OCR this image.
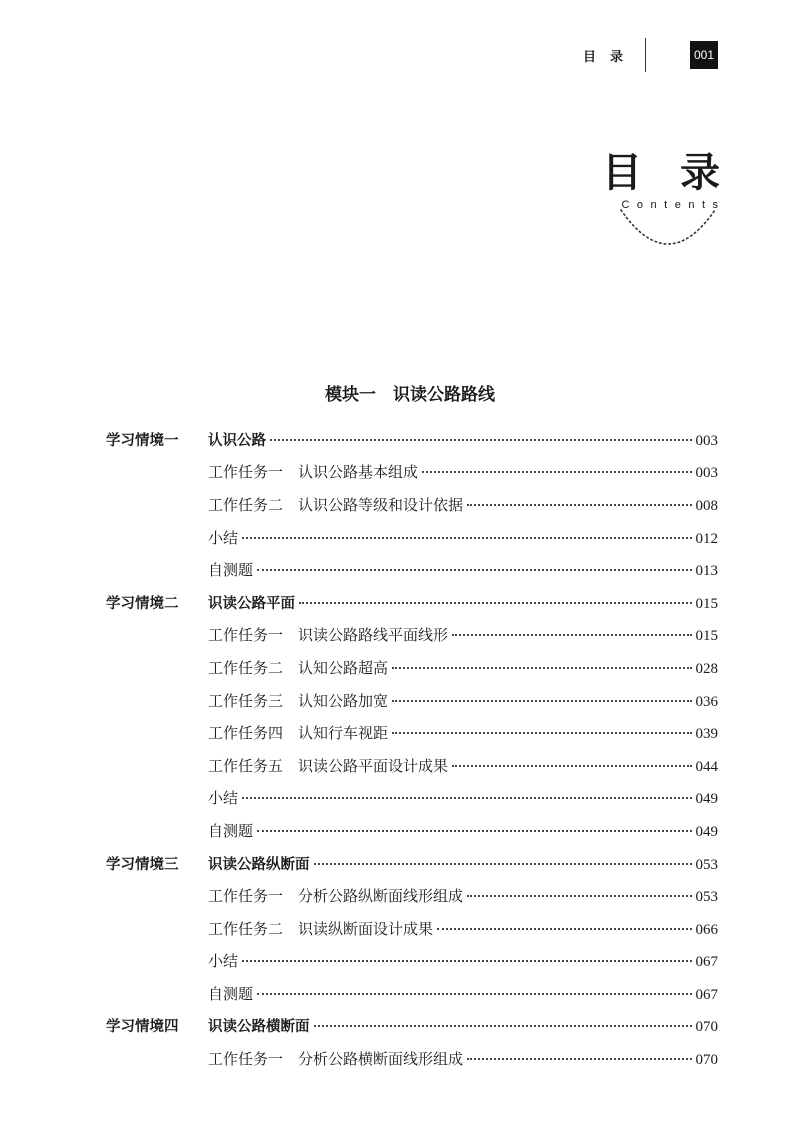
目录	001
目录
Contents
模块一　识读公路路线
学习情境一	认识公路	003
工作任务一　认识公路基本组成	003
工作任务二　认识公路等级和设计依据	008
小结	012
自测题	013
学习情境二	识读公路平面	015
工作任务一　识读公路路线平面线形	015
工作任务二　认知公路超高	028
工作任务三　认知公路加宽	036
工作任务四　认知行车视距	039
工作任务五　识读公路平面设计成果	044
小结	049
自测题	049
学习情境三	识读公路纵断面	053
工作任务一　分析公路纵断面线形组成	053
工作任务二　识读纵断面设计成果	066
小结	067
自测题	067
学习情境四	识读公路横断面	070
工作任务一　分析公路横断面线形组成	070
